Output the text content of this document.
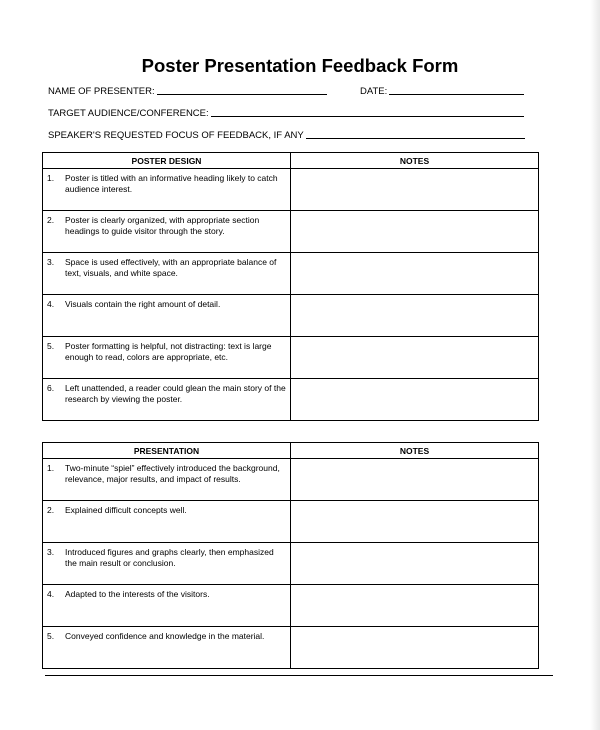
Poster Presentation Feedback Form
NAME OF PRESENTER:	DATE:
TARGET AUDIENCE/CONFERENCE:
SPEAKER'S REQUESTED FOCUS OF FEEDBACK, IF ANY
POSTER DESIGN	NOTES

1. Poster is titled with an informative heading likely to catch audience interest.	

2. Poster is clearly organized, with appropriate section headings to guide visitor through the story.	

3. Space is used effectively, with an appropriate balance of text, visuals, and white space.	

4. Visuals contain the right amount of detail.	

5. Poster formatting is helpful, not distracting: text is large enough to read, colors are appropriate, etc.	

6. Left unattended, a reader could glean the main story of the research by viewing the poster.	

PRESENTATION	NOTES

1. Two-minute “spiel” effectively introduced the background, relevance, major results, and impact of results.	

2. Explained difficult concepts well.	

3. Introduced figures and graphs clearly, then emphasized the main result or conclusion.	

4. Adapted to the interests of the visitors.	

5. Conveyed confidence and knowledge in the material.	
